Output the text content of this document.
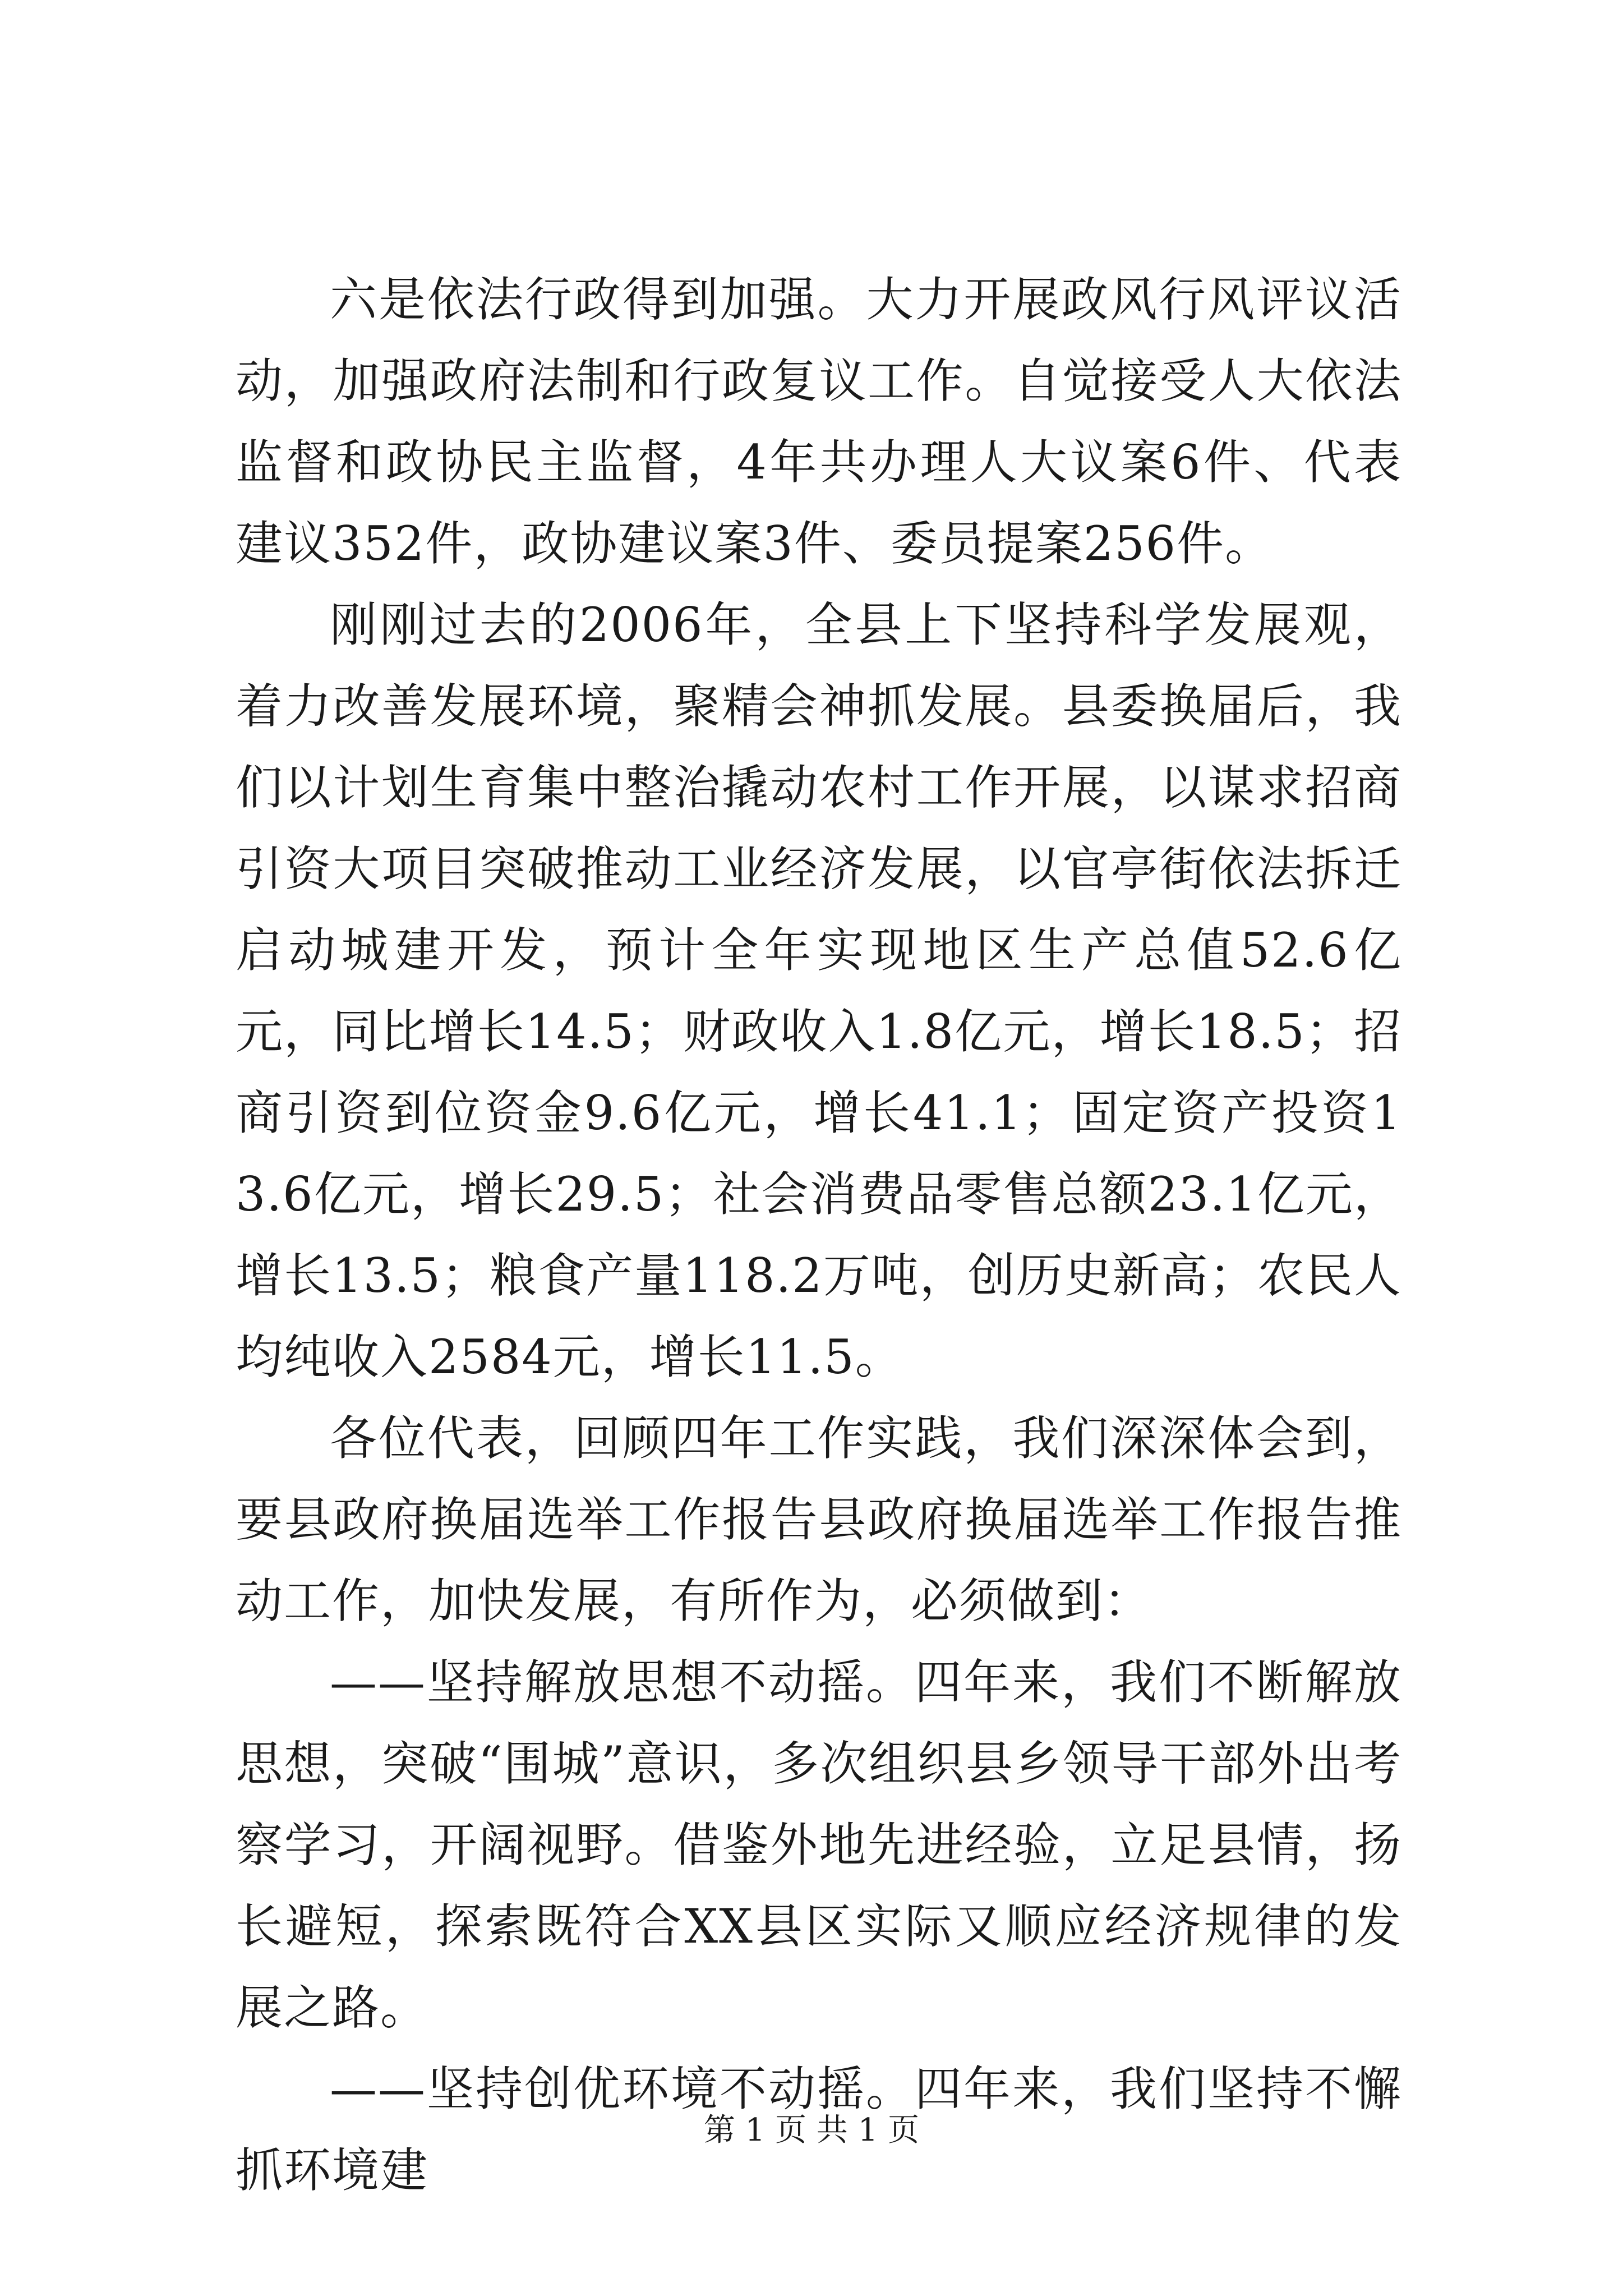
六是依法行政得到加强。大力开展政风行风评议活动，加强政府法制和行政复议工作。自觉接受人大依法监督和政协民主监督，4年共办理人大议案6件、代表建议352件，政协建议案3件、委员提案256件。

刚刚过去的2006年，全县上下坚持科学发展观，着力改善发展环境，聚精会神抓发展。县委换届后，我们以计划生育集中整治撬动农村工作开展，以谋求招商引资大项目突破推动工业经济发展，以官亭街依法拆迁启动城建开发，预计全年实现地区生产总值52.6亿元，同比增长14.5；财政收入1.8亿元，增长18.5；招商引资到位资金9.6亿元，增长41.1；固定资产投资13.6亿元，增长29.5；社会消费品零售总额23.1亿元，增长13.5；粮食产量118.2万吨，创历史新高；农民人均纯收入2584元，增长11.5。

各位代表，回顾四年工作实践，我们深深体会到，要县政府换届选举工作报告县政府换届选举工作报告推动工作，加快发展，有所作为，必须做到：

——坚持解放思想不动摇。四年来，我们不断解放思想，突破“围城”意识，多次组织县乡领导干部外出考察学习，开阔视野。借鉴外地先进经验，立足县情，扬长避短，探索既符合XX县区实际又顺应经济规律的发展之路。

——坚持创优环境不动摇。四年来，我们坚持不懈抓环境建

第 1 页 共 1 页
